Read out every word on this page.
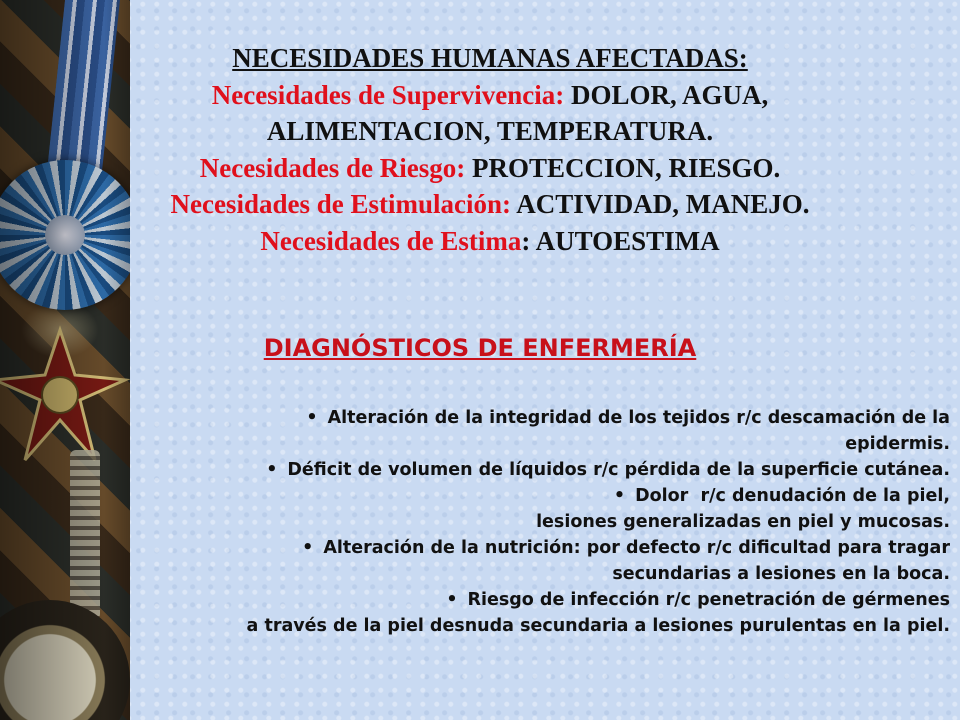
NECESIDADES HUMANAS AFECTADAS:
Necesidades de Supervivencia: DOLOR, AGUA,
ALIMENTACION, TEMPERATURA.
Necesidades de Riesgo: PROTECCION, RIESGO.
Necesidades de Estimulación: ACTIVIDAD, MANEJO.
Necesidades de Estima: AUTOESTIMA
DIAGNÓSTICOS DE ENFERMERÍA
• Alteración de la integridad de los tejidos r/c descamación de la
epidermis.
• Déficit de volumen de líquidos r/c pérdida de la superficie cutánea.
• Dolor  r/c denudación de la piel,
lesiones generalizadas en piel y mucosas.
• Alteración de la nutrición: por defecto r/c dificultad para tragar
secundarias a lesiones en la boca.
• Riesgo de infección r/c penetración de gérmenes
a través de la piel desnuda secundaria a lesiones purulentas en la piel.
